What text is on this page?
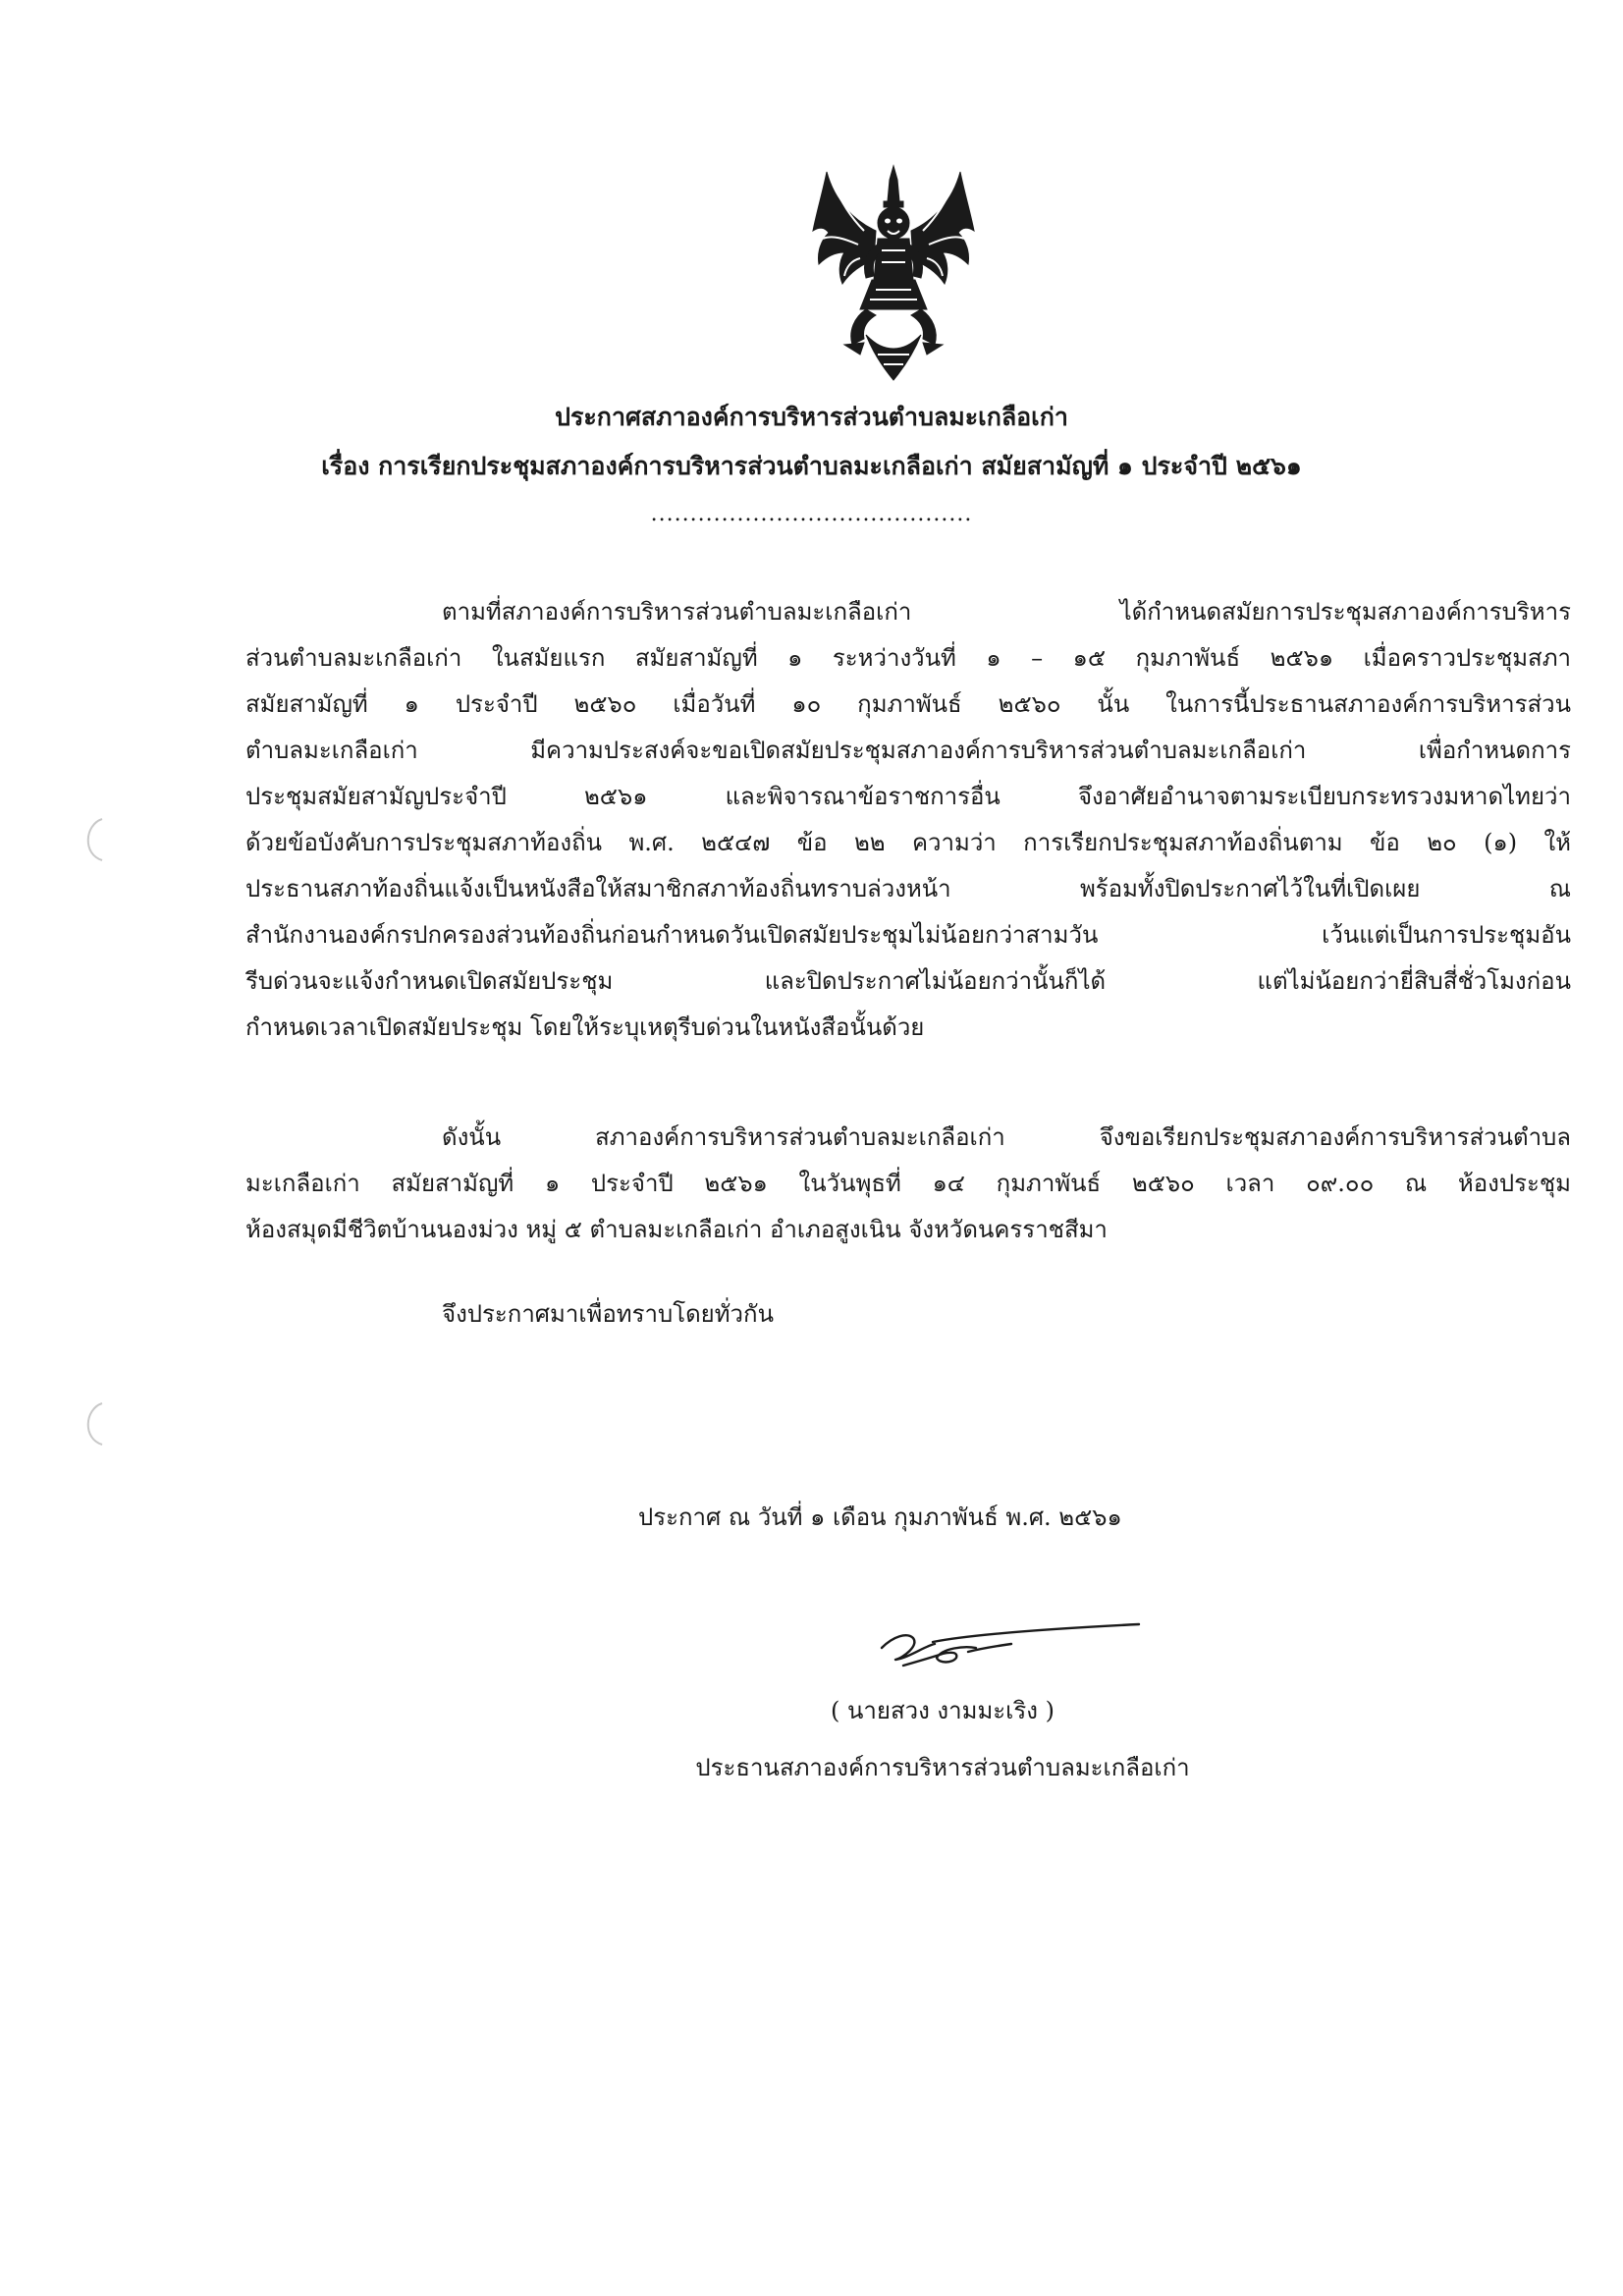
ประกาศสภาองค์การบริหารส่วนตำบลมะเกลือเก่า
เรื่อง การเรียกประชุมสภาองค์การบริหารส่วนตำบลมะเกลือเก่า สมัยสามัญที่ ๑ ประจำปี ๒๕๖๑
.........................................
ตามที่สภาองค์การบริหารส่วนตำบลมะเกลือเก่า ได้กำหนดสมัยการประชุมสภาองค์การบริหาร
ส่วนตำบลมะเกลือเก่า ในสมัยแรก สมัยสามัญที่ ๑ ระหว่างวันที่ ๑ – ๑๕ กุมภาพันธ์ ๒๕๖๑ เมื่อคราวประชุมสภา
สมัยสามัญที่ ๑ ประจำปี ๒๕๖๐ เมื่อวันที่ ๑๐ กุมภาพันธ์ ๒๕๖๐ นั้น ในการนี้ประธานสภาองค์การบริหารส่วน
ตำบลมะเกลือเก่า มีความประสงค์จะขอเปิดสมัยประชุมสภาองค์การบริหารส่วนตำบลมะเกลือเก่า เพื่อกำหนดการ
ประชุมสมัยสามัญประจำปี ๒๕๖๑ และพิจารณาข้อราชการอื่น จึงอาศัยอำนาจตามระเบียบกระทรวงมหาดไทยว่า
ด้วยข้อบังคับการประชุมสภาท้องถิ่น พ.ศ. ๒๕๔๗ ข้อ ๒๒ ความว่า การเรียกประชุมสภาท้องถิ่นตาม ข้อ ๒๐ (๑) ให้
ประธานสภาท้องถิ่นแจ้งเป็นหนังสือให้สมาชิกสภาท้องถิ่นทราบล่วงหน้า พร้อมทั้งปิดประกาศไว้ในที่เปิดเผย ณ
สำนักงานองค์กรปกครองส่วนท้องถิ่นก่อนกำหนดวันเปิดสมัยประชุมไม่น้อยกว่าสามวัน เว้นแต่เป็นการประชุมอัน
รีบด่วนจะแจ้งกำหนดเปิดสมัยประชุม และปิดประกาศไม่น้อยกว่านั้นก็ได้ แต่ไม่น้อยกว่ายี่สิบสี่ชั่วโมงก่อน
กำหนดเวลาเปิดสมัยประชุม โดยให้ระบุเหตุรีบด่วนในหนังสือนั้นด้วย
ดังนั้น สภาองค์การบริหารส่วนตำบลมะเกลือเก่า จึงขอเรียกประชุมสภาองค์การบริหารส่วนตำบล
มะเกลือเก่า สมัยสามัญที่ ๑ ประจำปี ๒๕๖๑ ในวันพุธที่ ๑๔ กุมภาพันธ์ ๒๕๖๐ เวลา ๐๙.๐๐ ณ ห้องประชุม
ห้องสมุดมีชีวิตบ้านนองม่วง หมู่ ๕ ตำบลมะเกลือเก่า อำเภอสูงเนิน จังหวัดนครราชสีมา
จึงประกาศมาเพื่อทราบโดยทั่วกัน
ประกาศ ณ วันที่ ๑ เดือน กุมภาพันธ์ พ.ศ. ๒๕๖๑
( นายสวง งามมะเริง )
ประธานสภาองค์การบริหารส่วนตำบลมะเกลือเก่า
